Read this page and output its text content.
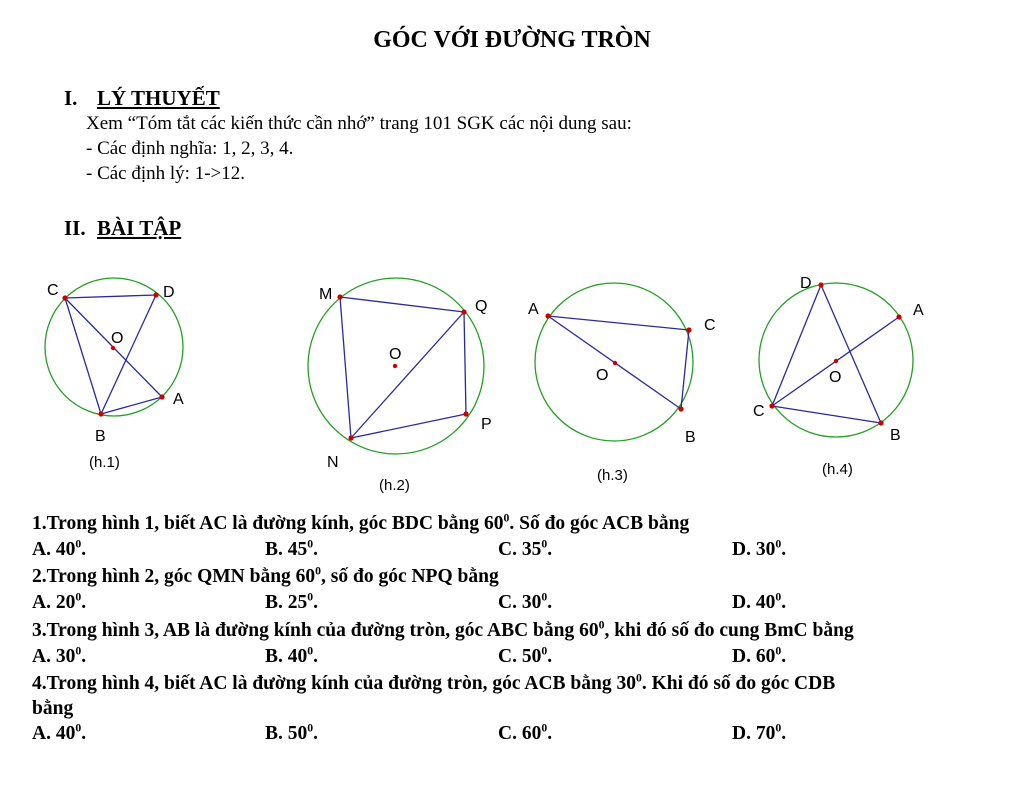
GÓC VỚI ĐƯỜNG TRÒN
I. LÝ THUYẾT
Xem “Tóm tắt các kiến thức cần nhớ” trang 101 SGK các nội dung sau:
- Các định nghĩa: 1, 2, 3, 4.
- Các định lý: 1->12.
II. BÀI TẬP
C	D
O
A
B
(h.1)
M
Q
O
P
N
(h.2)
A
C
O
B
(h.3)
D
A
O
C
B
(h.4)
1.Trong hình 1, biết AC là đường kính, góc BDC bằng $60^0$. Số đo góc ACB bằng
A. $40^0$.	B. $45^0$.	C. $35^0$.	D. $30^0$.
2.Trong hình 2, góc QMN bằng $60^0$, số đo góc NPQ bằng
A. $20^0$.	B. $25^0$.	C. $30^0$.	D. $40^0$.
3.Trong hình 3, AB là đường kính của đường tròn, góc ABC bằng $60^0$, khi đó số đo cung BmC bằng
A. $30^0$.	B. $40^0$.	C. $50^0$.	D. $60^0$.
4.Trong hình 4, biết AC là đường kính của đường tròn, góc ACB bằng $30^0$. Khi đó số đo góc CDB
bằng
A. $40^0$.	B. $50^0$.	C. $60^0$.	D. $70^0$.
